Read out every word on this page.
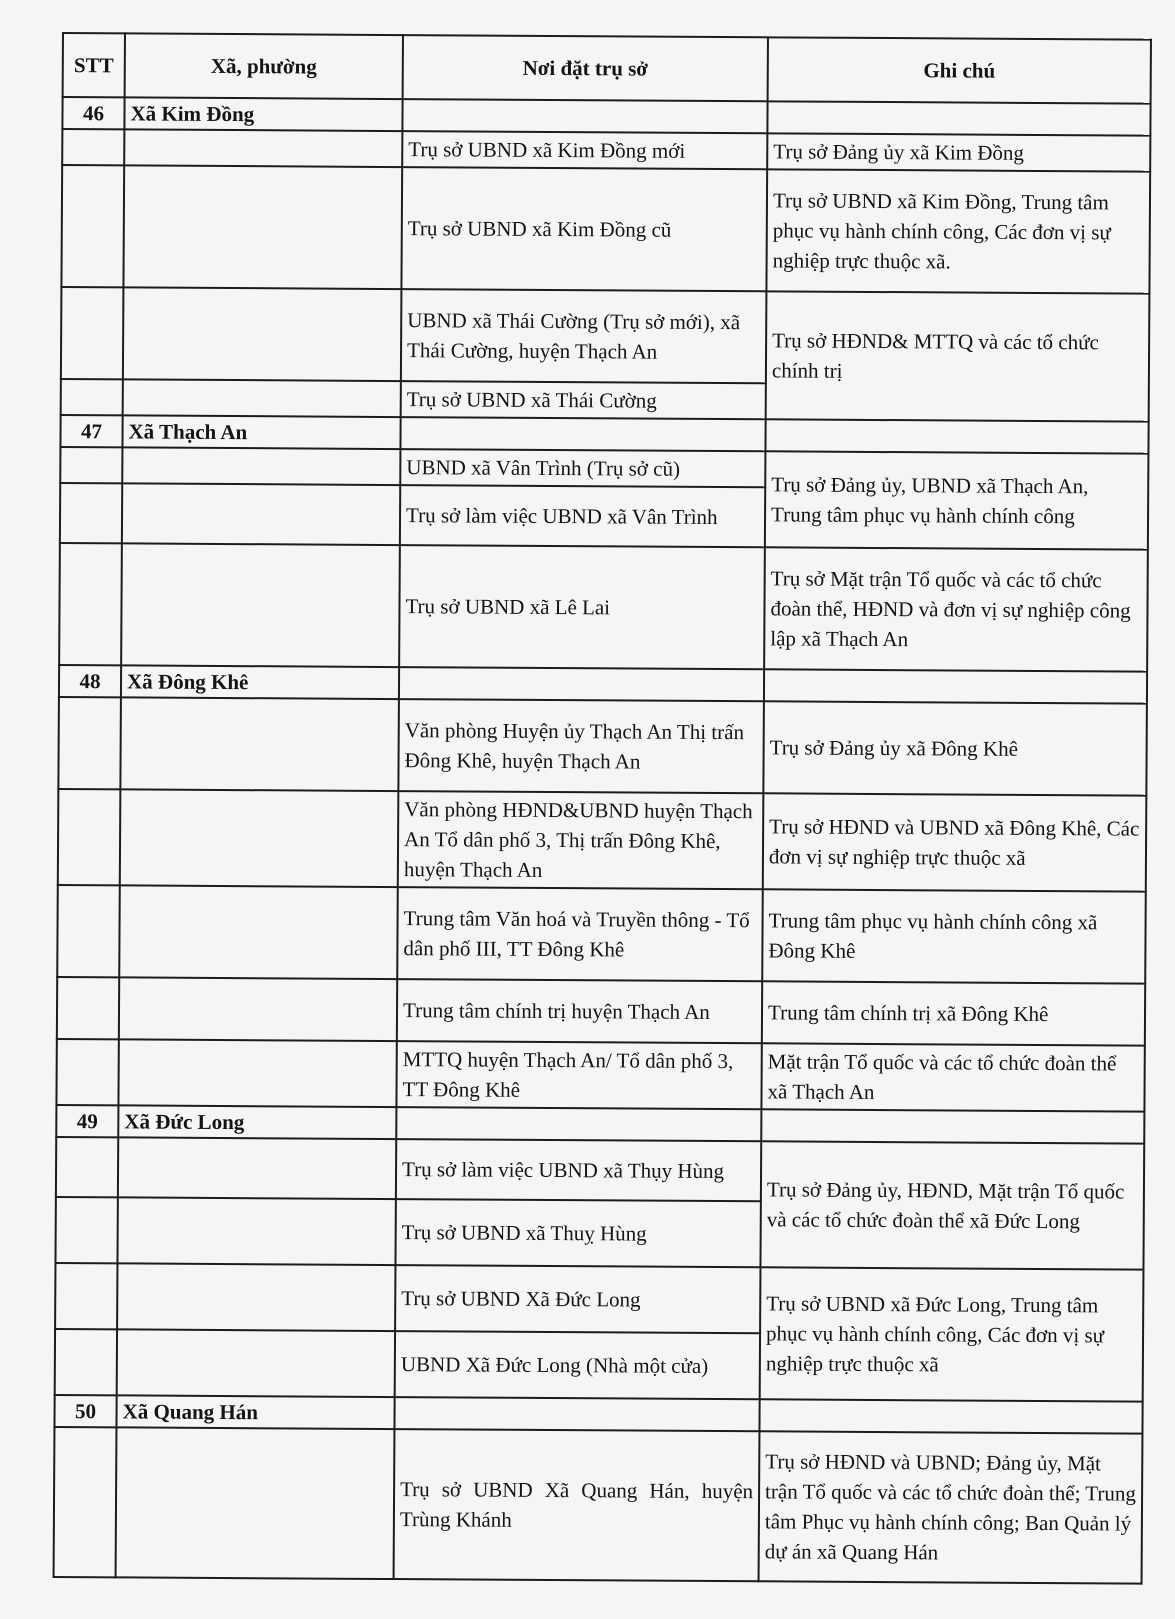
STT	Xã, phường	Nơi đặt trụ sở	Ghi chú
46	Xã Kim Đồng		
		Trụ sở UBND xã Kim Đồng mới	Trụ sở Đảng ủy xã Kim Đồng
		Trụ sở UBND xã Kim Đồng cũ	Trụ sở UBND xã Kim Đồng, Trung tâm phục vụ hành chính công, Các đơn vị sự nghiệp trực thuộc xã.
		UBND xã Thái Cường (Trụ sở mới), xã Thái Cường, huyện Thạch An	Trụ sở HĐND& MTTQ và các tổ chức chính trị
		Trụ sở UBND xã Thái Cường	
47	Xã Thạch An		
		UBND xã Vân Trình (Trụ sở cũ)	Trụ sở Đảng ủy, UBND xã Thạch An, Trung tâm phục vụ hành chính công
		Trụ sở làm việc UBND xã Vân Trình	
		Trụ sở UBND xã Lê Lai	Trụ sở Mặt trận Tổ quốc và các tổ chức đoàn thể, HĐND và đơn vị sự nghiệp công lập xã Thạch An
48	Xã Đông Khê		
		Văn phòng Huyện ủy Thạch An Thị trấn Đông Khê, huyện Thạch An	Trụ sở Đảng ủy xã Đông Khê
		Văn phòng HĐND&UBND huyện Thạch An Tổ dân phố 3, Thị trấn Đông Khê, huyện Thạch An	Trụ sở HĐND và UBND xã Đông Khê, Các đơn vị sự nghiệp trực thuộc xã
		Trung tâm Văn hoá và Truyền thông - Tổ dân phố III, TT Đông Khê	Trung tâm phục vụ hành chính công xã Đông Khê
		Trung tâm chính trị huyện Thạch An	Trung tâm chính trị xã Đông Khê
		MTTQ huyện Thạch An/ Tổ dân phố 3, TT Đông Khê	Mặt trận Tổ quốc và các tổ chức đoàn thể xã Thạch An
49	Xã Đức Long		
		Trụ sở làm việc UBND xã Thụy Hùng	Trụ sở Đảng ủy, HĐND, Mặt trận Tổ quốc và các tổ chức đoàn thể xã Đức Long
		Trụ sở UBND xã Thuỵ Hùng	
		Trụ sở UBND Xã Đức Long	Trụ sở UBND xã Đức Long, Trung tâm phục vụ hành chính công, Các đơn vị sự nghiệp trực thuộc xã
		UBND Xã Đức Long (Nhà một cửa)	
50	Xã Quang Hán		
		Trụ sở UBND Xã Quang Hán, huyện Trùng Khánh	Trụ sở HĐND và UBND; Đảng ủy, Mặt trận Tổ quốc và các tổ chức đoàn thể; Trung tâm Phục vụ hành chính công; Ban Quản lý dự án xã Quang Hán
